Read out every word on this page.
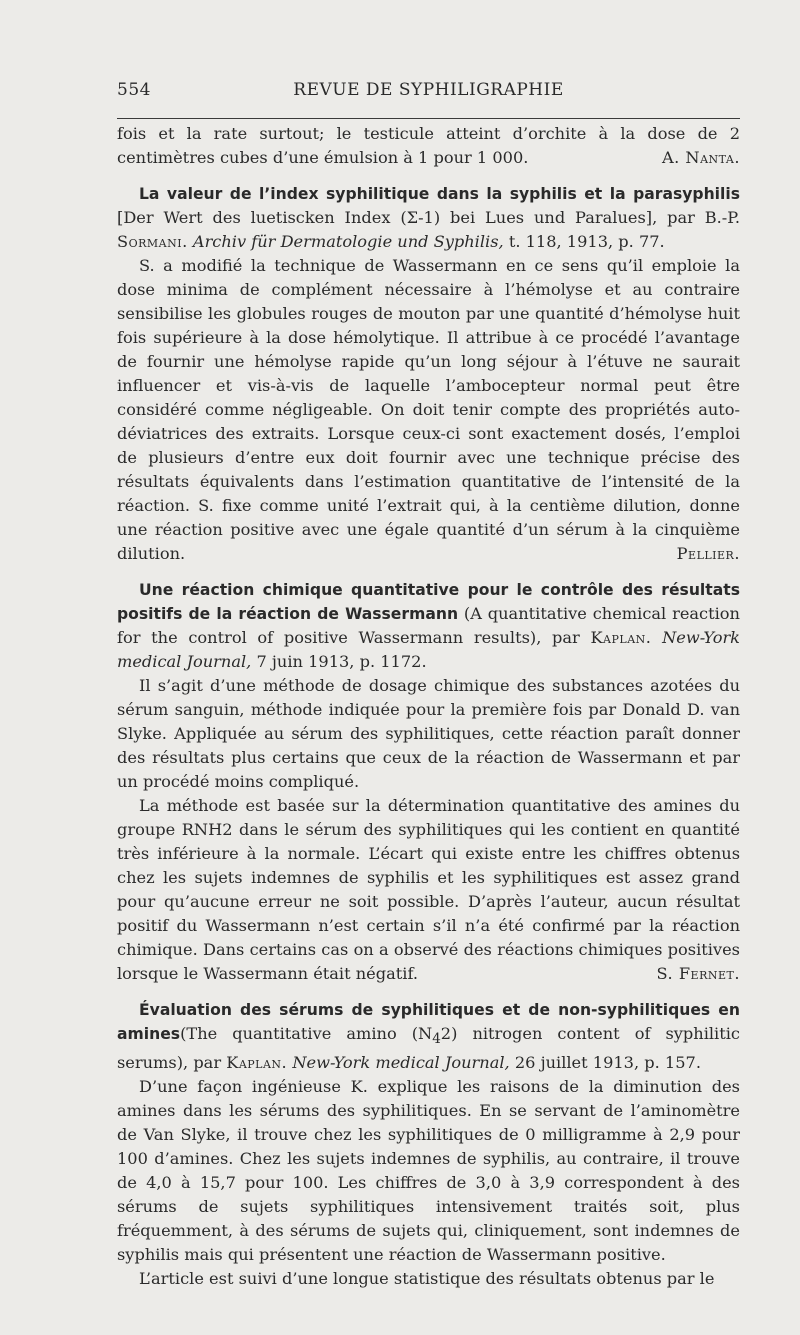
554	REVUE DE SYPHILIGRAPHIE

fois et la rate surtout; le testicule atteint d’orchite à la dose de 2 centimètres cubes d’une émulsion à 1 pour 1 000.	A. Nanta.

La valeur de l’index syphilitique dans la syphilis et la parasyphilis [Der Wert des luetiscken Index (Σ-1) bei Lues und Paralues], par B.-P. Sormani. Archiv für Dermatologie und Syphilis, t. 118, 1913, p. 77.

S. a modifié la technique de Wassermann en ce sens qu’il emploie la dose minima de complément nécessaire à l’hémolyse et au contraire sensibilise les globules rouges de mouton par une quantité d’hémolyse huit fois supérieure à la dose hémolytique. Il attribue à ce procédé l’avantage de fournir une hémolyse rapide qu’un long séjour à l’étuve ne saurait influencer et vis-à-vis de laquelle l’ambocepteur normal peut être considéré comme négligeable. On doit tenir compte des propriétés auto-déviatrices des extraits. Lorsque ceux-ci sont exactement dosés, l’emploi de plusieurs d’entre eux doit fournir avec une technique précise des résultats équivalents dans l’estimation quantitative de l’intensité de la réaction. S. fixe comme unité l’extrait qui, à la centième dilution, donne une réaction positive avec une égale quantité d’un sérum à la cinquième dilution.	Pellier.

Une réaction chimique quantitative pour le contrôle des résultats positifs de la réaction de Wassermann (A quantitative chemical reaction for the control of positive Wassermann results), par Kaplan. New-York medical Journal, 7 juin 1913, p. 1172.

Il s’agit d’une méthode de dosage chimique des substances azotées du sérum sanguin, méthode indiquée pour la première fois par Donald D. van Slyke. Appliquée au sérum des syphilitiques, cette réaction paraît donner des résultats plus certains que ceux de la réaction de Wassermann et par un procédé moins compliqué.

La méthode est basée sur la détermination quantitative des amines du groupe RNH2 dans le sérum des syphilitiques qui les contient en quantité très inférieure à la normale. L’écart qui existe entre les chiffres obtenus chez les sujets indemnes de syphilis et les syphilitiques est assez grand pour qu’aucune erreur ne soit possible. D’après l’auteur, aucun résultat positif du Wassermann n’est certain s’il n’a été confirmé par la réaction chimique. Dans certains cas on a observé des réactions chimiques positives lorsque le Wassermann était négatif.	S. Fernet.

Évaluation des sérums de syphilitiques et de non-syphilitiques en amines(The quantitative amino $(N_42)$ nitrogen content of syphilitic serums), par Kaplan. New-York medical Journal, 26 juillet 1913, p. 157.

D’une façon ingénieuse K. explique les raisons de la diminution des amines dans les sérums des syphilitiques. En se servant de l’aminomètre de Van Slyke, il trouve chez les syphilitiques de 0 milligramme à 2,9 pour 100 d’amines. Chez les sujets indemnes de syphilis, au contraire, il trouve de 4,0 à 15,7 pour 100. Les chiffres de 3,0 à 3,9 correspondent à des sérums de sujets syphilitiques intensivement traités soit, plus fréquemment, à des sérums de sujets qui, cliniquement, sont indemnes de syphilis mais qui présentent une réaction de Wassermann positive.

L’article est suivi d’une longue statistique des résultats obtenus par le
